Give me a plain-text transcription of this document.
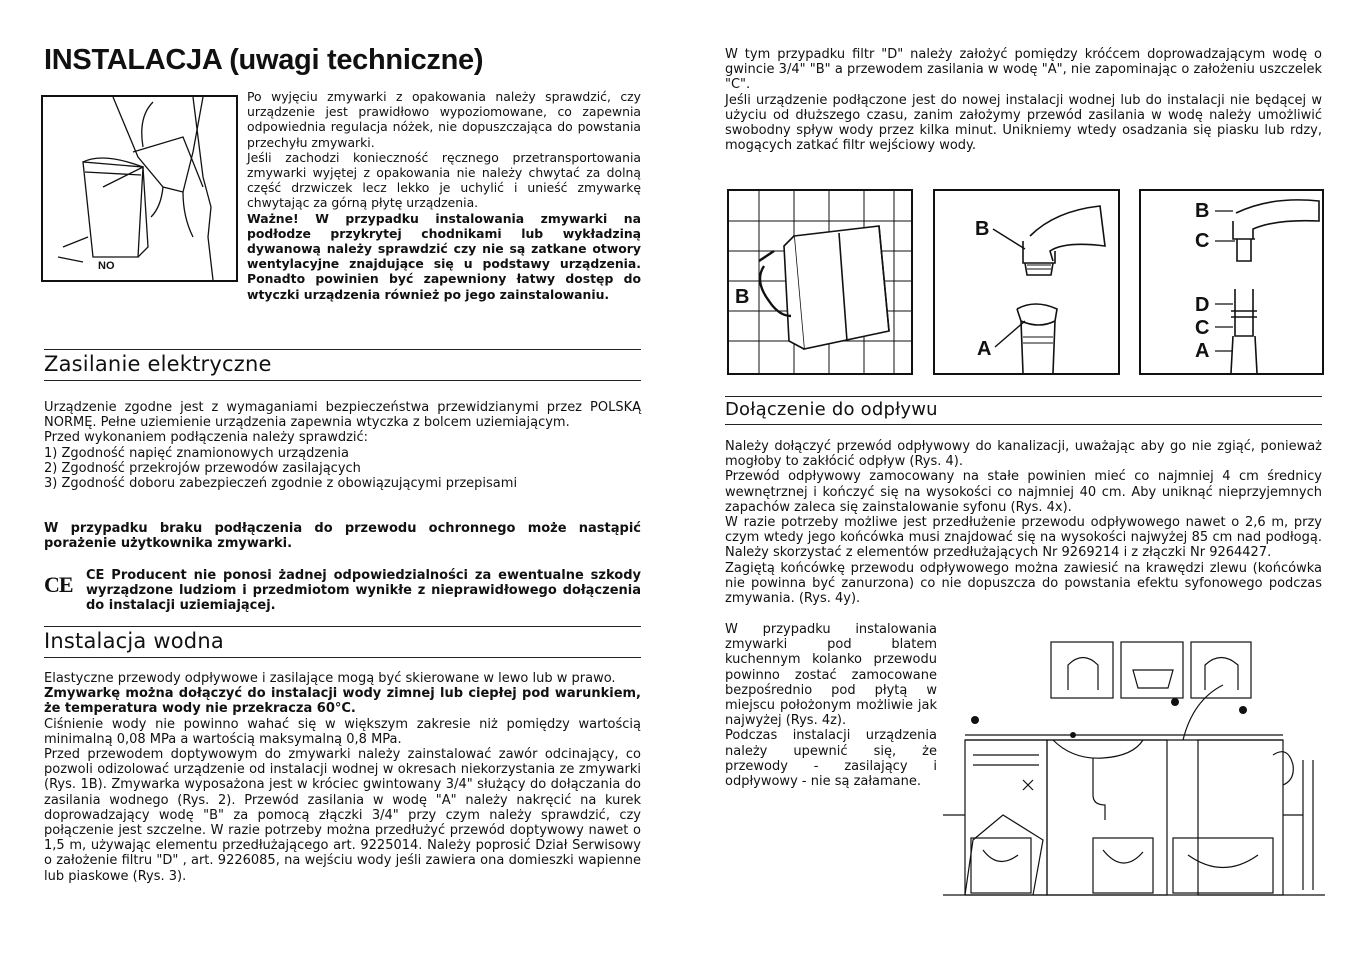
INSTALACJA (uwagi techniczne)
NO

Po wyjęciu zmywarki z opakowania należy sprawdzić, czy urządzenie jest prawidłowo wypoziomowane, co zapewnia odpowiednia regulacja nóżek, nie dopuszczająca do powstania przechyłu zmywarki.

Jeśli zachodzi konieczność ręcznego przetransportowania zmywarki wyjętej z opakowania nie należy chwytać za dolną część drzwiczek lecz lekko je uchylić i unieść zmywarkę chwytając za górną płytę urządzenia.

Ważne! W przypadku instalowania zmywarki na podłodze przykrytej chodnikami lub wykładziną dywanową należy sprawdzić czy nie są zatkane otwory wentylacyjne znajdujące się u podstawy urządzenia. Ponadto powinien być zapewniony łatwy dostęp do wtyczki urządzenia również po jego zainstalowaniu.

Zasilanie elektryczne

Urządzenie zgodne jest z wymaganiami bezpieczeństwa przewidzianymi przez POLSKĄ NORMĘ. Pełne uziemienie urządzenia zapewnia wtyczka z bolcem uziemiającym.

Przed wykonaniem podłączenia należy sprawdzić:

1) Zgodność napięć znamionowych urządzenia

2) Zgodność przekrojów przewodów zasilających

3) Zgodność doboru zabezpieczeń zgodnie z obowiązującymi przepisami

W przypadku braku podłączenia do przewodu ochronnego może nastąpić porażenie użytkownika zmywarki.

CE CE Producent nie ponosi żadnej odpowiedzialności za ewentualne szkody wyrządzone ludziom i przedmiotom wynikłe z nieprawidłowego dołączenia do instalacji uziemiającej.

Instalacja wodna

Elastyczne przewody odpływowe i zasilające mogą być skierowane w lewo lub w prawo.

Zmywarkę można dołączyć do instalacji wody zimnej lub ciepłej pod warunkiem, że temperatura wody nie przekracza 60°C.

Ciśnienie wody nie powinno wahać się w większym zakresie niż pomiędzy wartością minimalną 0,08 MPa a wartością maksymalną 0,8 MPa.

Przed przewodem doptywowym do zmywarki należy zainstalować zawór odcinający, co pozwoli odizolować urządzenie od instalacji wodnej w okresach niekorzystania ze zmywarki (Rys. 1B). Zmywarka wyposażona jest w króciec gwintowany 3/4" służący do dołączania do zasilania wodnego (Rys. 2). Przewód zasilania w wodę "A" należy nakręcić na kurek doprowadzający wodę "B" za pomocą złączki 3/4" przy czym należy sprawdzić, czy połączenie jest szczelne. W razie potrzeby można przedłużyć przewód doptywowy nawet o 1,5 m, używając elementu przedłużającego art. 9225014. Należy poprosić Dział Serwisowy o założenie filtru "D" , art. 9226085, na wejściu wody jeśli zawiera ona domieszki wapienne lub piaskowe (Rys. 3).

W tym przypadku filtr "D" należy założyć pomiędzy króćcem doprowadzającym wodę o gwincie 3/4" "B" a przewodem zasilania w wodę "A", nie zapominając o założeniu uszczelek "C".

Jeśli urządzenie podłączone jest do nowej instalacji wodnej lub do instalacji nie będącej w użyciu od dłuższego czasu, zanim założymy przewód zasilania w wodę należy umożliwić swobodny spływ wody przez kilka minut. Unikniemy wtedy osadzania się piasku lub rdzy, mogących zatkać filtr wejściowy wody.

B
B
A
B
C
D
C
A
Dołączenie do odpływu

Należy dołączyć przewód odpływowy do kanalizacji, uważając aby go nie zgiąć, ponieważ mogłoby to zakłócić odpływ (Rys. 4).

Przewód odpływowy zamocowany na stałe powinien mieć co najmniej 4 cm średnicy wewnętrznej i kończyć się na wysokości co najmniej 40 cm. Aby uniknąć nieprzyjemnych zapachów zaleca się zainstalowanie syfonu (Rys. 4x).

W razie potrzeby możliwe jest przedłużenie przewodu odpływowego nawet o 2,6 m, przy czym wtedy jego końcówka musi znajdować się na wysokości najwyżej 85 cm nad podłogą. Należy skorzystać z elementów przedłużających Nr 9269214 i z złączki Nr 9264427.

Zagiętą końcówkę przewodu odpływowego można zawiesić na krawędzi zlewu (końcówka nie powinna być zanurzona) co nie dopuszcza do powstania efektu syfonowego podczas zmywania. (Rys. 4y).

W przypadku instalowania zmywarki pod blatem kuchennym kolanko przewodu powinno zostać zamocowane bezpośrednio pod płytą w miejscu położonym możliwie jak najwyżej (Rys. 4z).

Podczas instalacji urządzenia należy upewnić się, że przewody - zasilający i odpływowy - nie są załamane.
